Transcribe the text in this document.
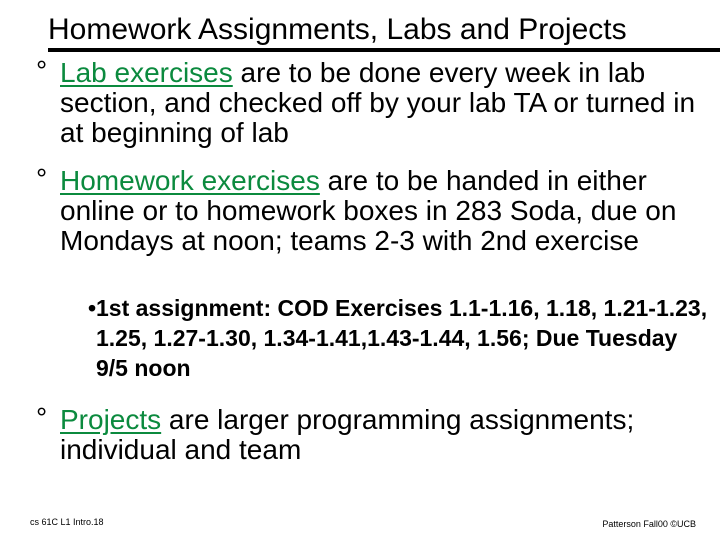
Homework Assignments, Labs and Projects
° Lab exercises are to be done every week in lab section, and checked off by your lab TA or turned in at beginning of lab
° Homework exercises are to be handed in either online or to homework boxes in 283 Soda, due on Mondays at noon; teams 2-3 with 2nd exercise
• 1st assignment: COD Exercises 1.1-1.16, 1.18, 1.21-1.23, 1.25, 1.27-1.30, 1.34-1.41,1.43-1.44, 1.56; Due Tuesday 9/5 noon
° Projects are larger programming assignments; individual and team
cs 61C L1 Intro.18	Patterson Fall00 ©UCB
